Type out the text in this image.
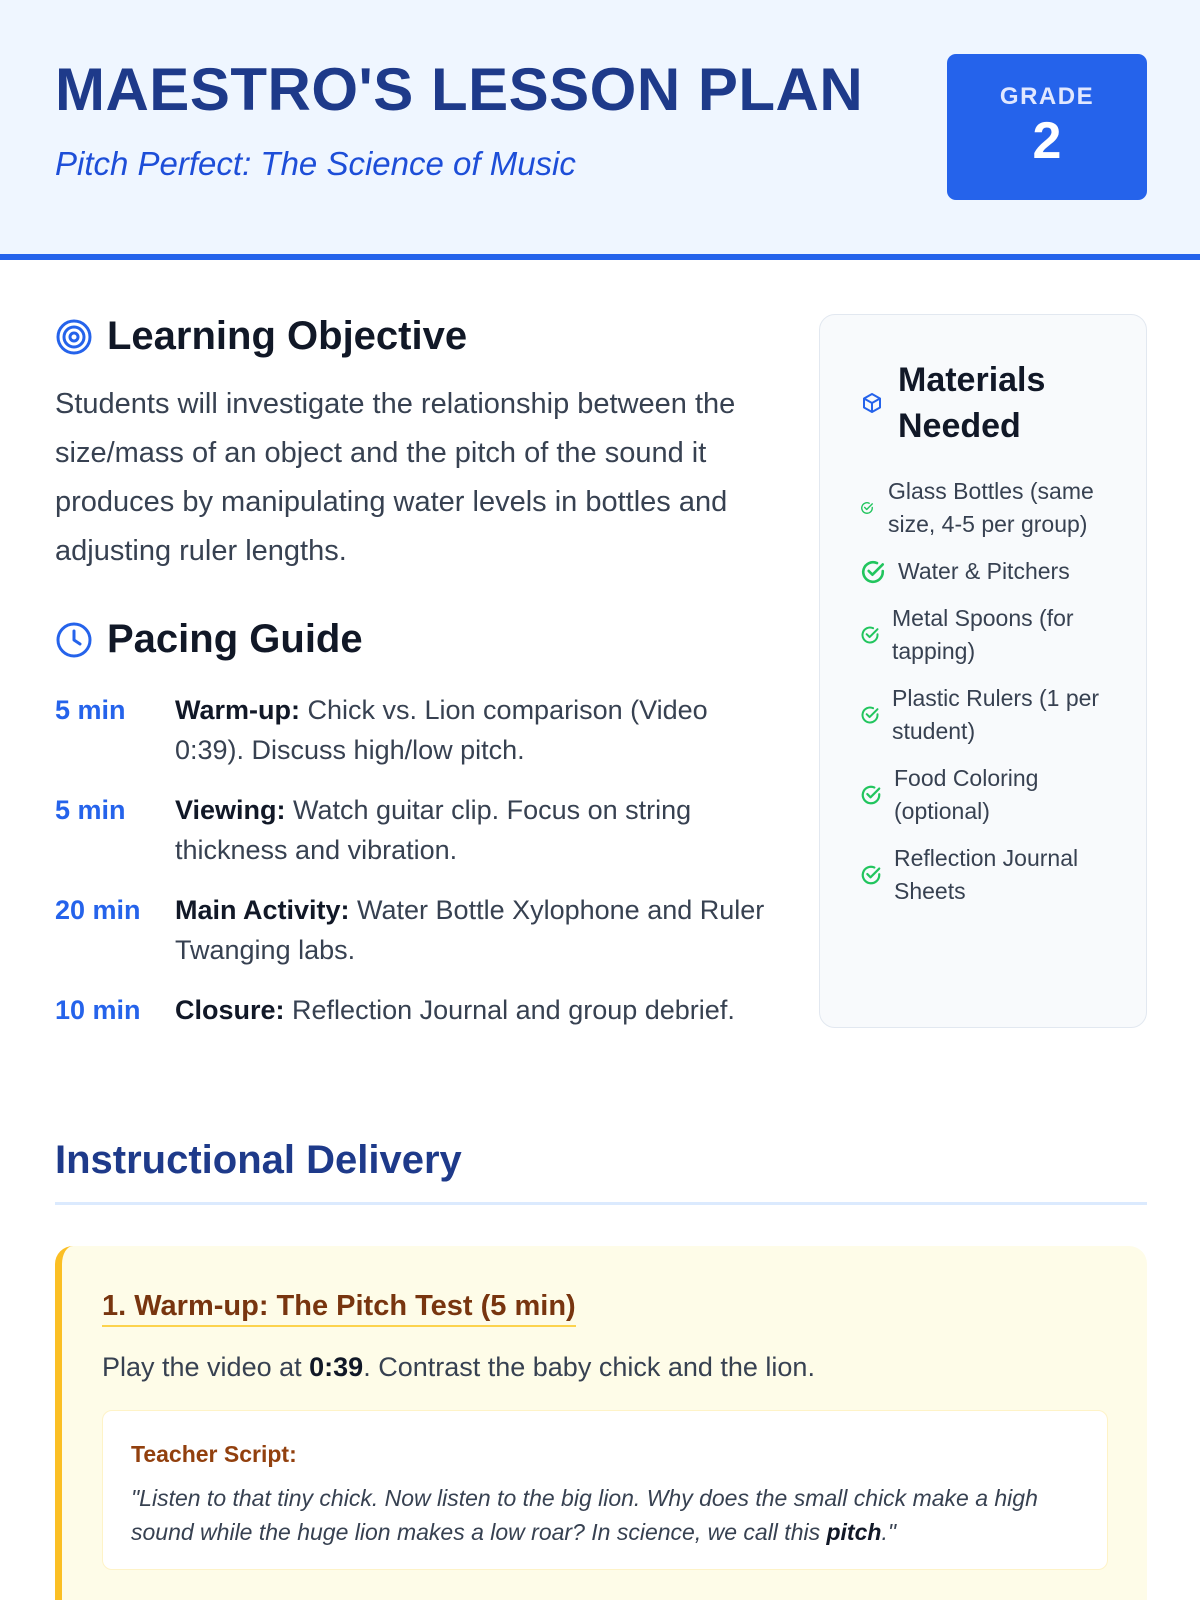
MAESTRO'S LESSON PLAN
Pitch Perfect: The Science of Music
GRADE
2
Learning Objective

Students will investigate the relationship between the size/mass of an object and the pitch of the sound it produces by manipulating water levels in bottles and adjusting ruler lengths.

Pacing Guide
5 min	Warm-up: Chick vs. Lion comparison (Video 0:39). Discuss high/low pitch.
5 min	Viewing: Watch guitar clip. Focus on string thickness and vibration.
20 min	Main Activity: Water Bottle Xylophone and Ruler Twanging labs.
10 min	Closure: Reflection Journal and group debrief.
Materials Needed
Glass Bottles (same size, 4-5 per group)
Water & Pitchers
Metal Spoons (for tapping)
Plastic Rulers (1 per student)
Food Coloring (optional)
Reflection Journal Sheets
Instructional Delivery
1. Warm-up: The Pitch Test (5 min)
Play the video at 0:39. Contrast the baby chick and the lion.
Teacher Script:
"Listen to that tiny chick. Now listen to the big lion. Why does the small chick make a high sound while the huge lion makes a low roar? In science, we call this pitch."
